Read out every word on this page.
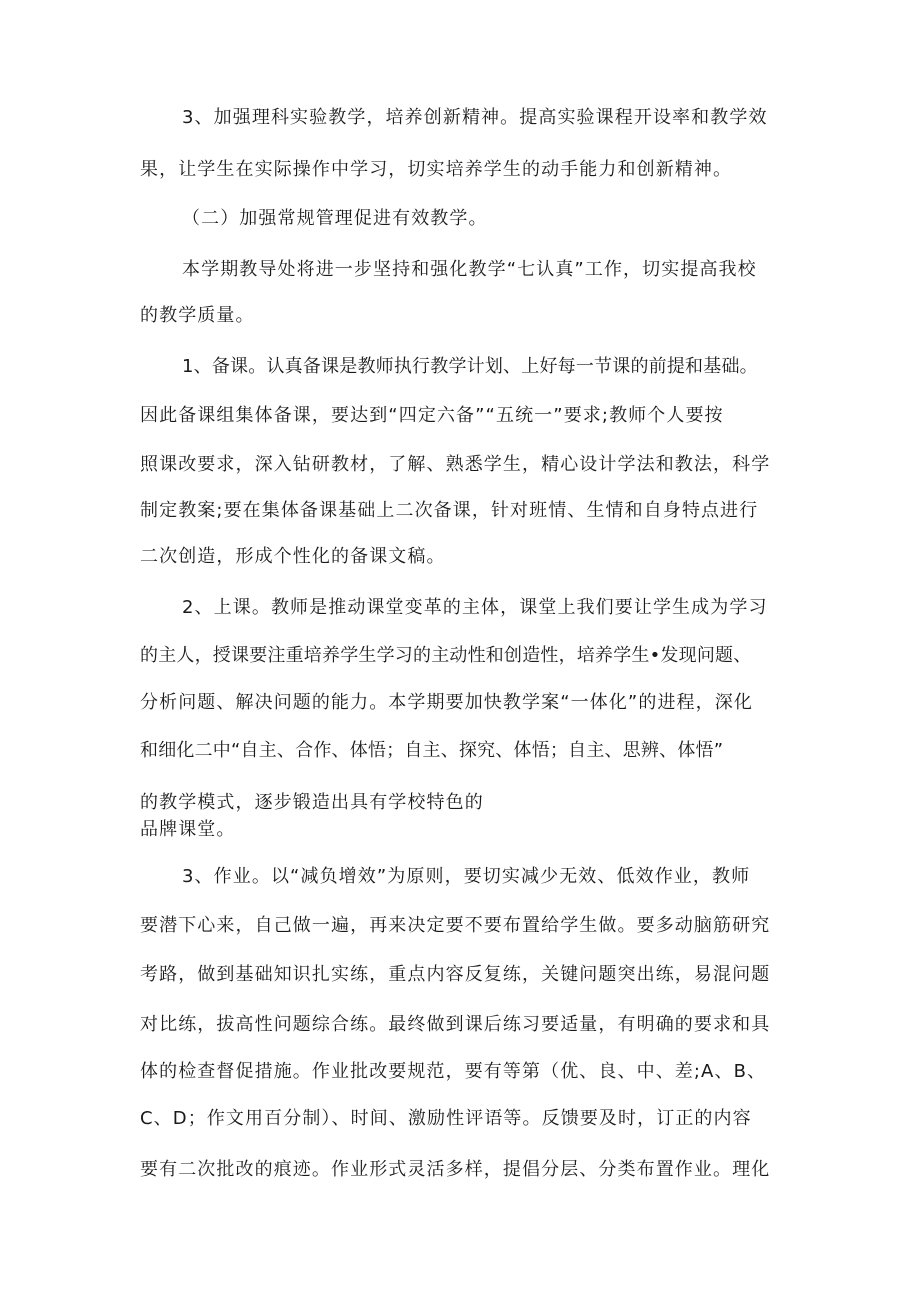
3、加强理科实验教学，培养创新精神。提高实验课程开设率和教学效

果，让学生在实际操作中学习，切实培养学生的动手能力和创新精神。

（二）加强常规管理促进有效教学。

本学期教导处将进一步坚持和强化教学“七认真”工作，切实提高我校

的教学质量。

1、备课。认真备课是教师执行教学计划、上好每一节课的前提和基础。

因此备课组集体备课，要达到“四定六备”“五统一”要求;教师个人要按

照课改要求，深入钻研教材，了解、熟悉学生，精心设计学法和教法，科学

制定教案;要在集体备课基础上二次备课，针对班情、生情和自身特点进行

二次创造，形成个性化的备课文稿。

2、上课。教师是推动课堂变革的主体，课堂上我们要让学生成为学习

的主人，授课要注重培养学生学习的主动性和创造性，培养学生•发现问题、

分析问题、解决问题的能力。本学期要加快教学案“一体化”的进程，深化

和细化二中“自主、合作、体悟；自主、探究、体悟；自主、思辨、体悟”

的教学模式，逐步锻造出具有学校特色的

品牌课堂。

3、作业。以“减负增效”为原则，要切实减少无效、低效作业，教师

要潜下心来，自己做一遍，再来决定要不要布置给学生做。要多动脑筋研究

考路，做到基础知识扎实练，重点内容反复练，关键问题突出练，易混问题

对比练，拔高性问题综合练。最终做到课后练习要适量，有明确的要求和具

体的检查督促措施。作业批改要规范，要有等第（优、良、中、差;A、B、

C、D；作文用百分制）、时间、激励性评语等。反馈要及时，订正的内容

要有二次批改的痕迹。作业形式灵活多样，提倡分层、分类布置作业。理化
